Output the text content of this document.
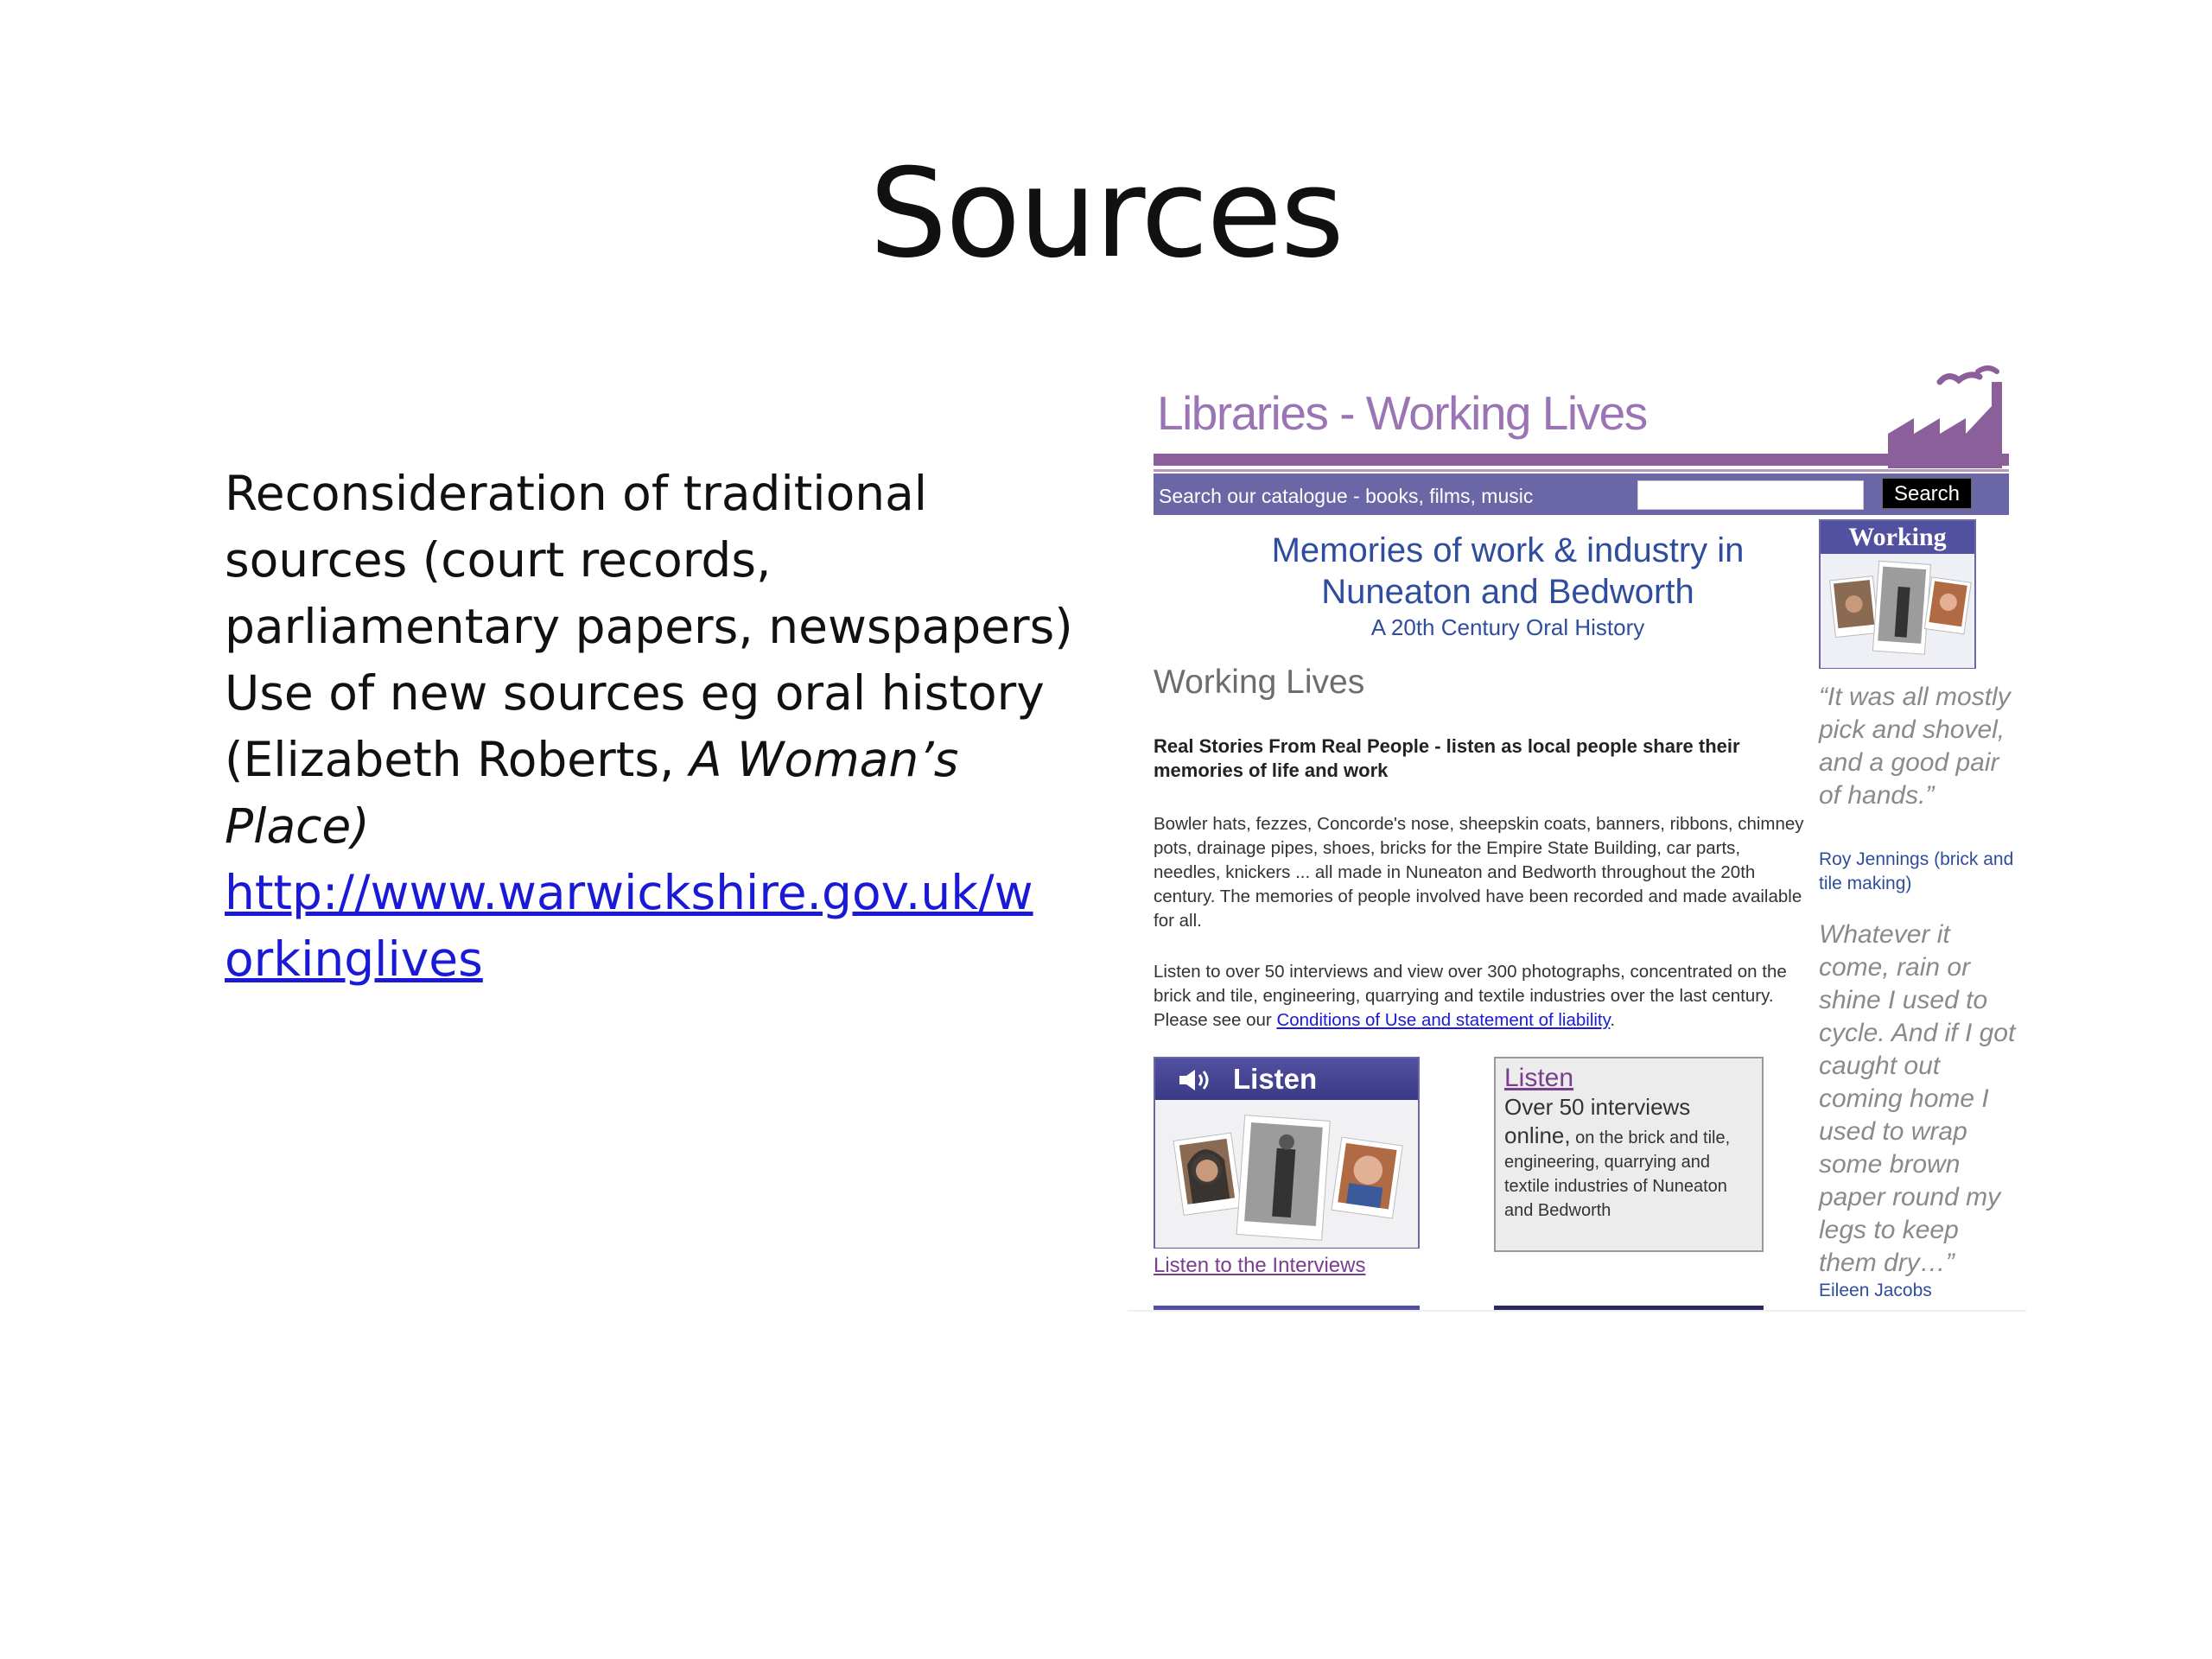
Sources
Reconsideration of traditional sources (court records, parliamentary papers, newspapers)
Use of new sources eg oral history (Elizabeth Roberts, A Woman’s Place)
http://www.warwickshire.gov.uk/workinglives
Libraries - Working Lives
Search our catalogue - books, films, music	Search
Memories of work & industry in
Nuneaton and Bedworth
A 20th Century Oral History
Working Lives
Real Stories From Real People - listen as local people share their memories of life and work
Bowler hats, fezzes, Concorde's nose, sheepskin coats, banners, ribbons, chimney pots, drainage pipes, shoes, bricks for the Empire State Building, car parts, needles, knickers ... all made in Nuneaton and Bedworth throughout the 20th century. The memories of people involved have been recorded and made available for all.
Listen to over 50 interviews and view over 300 photographs, concentrated on the brick and tile, engineering, quarrying and textile industries over the last century. Please see our Conditions of Use and statement of liability.
Listen
Listen to the Interviews
Listen
Over 50 interviews online, on the brick and tile, engineering, quarrying and textile industries of Nuneaton and Bedworth
Working
“It was all mostly pick and shovel, and a good pair of hands.”
Roy Jennings (brick and tile making)
Whatever it come, rain or shine I used to cycle. And if I got caught out coming home I used to wrap some brown paper round my legs to keep them dry…”
Eileen Jacobs
